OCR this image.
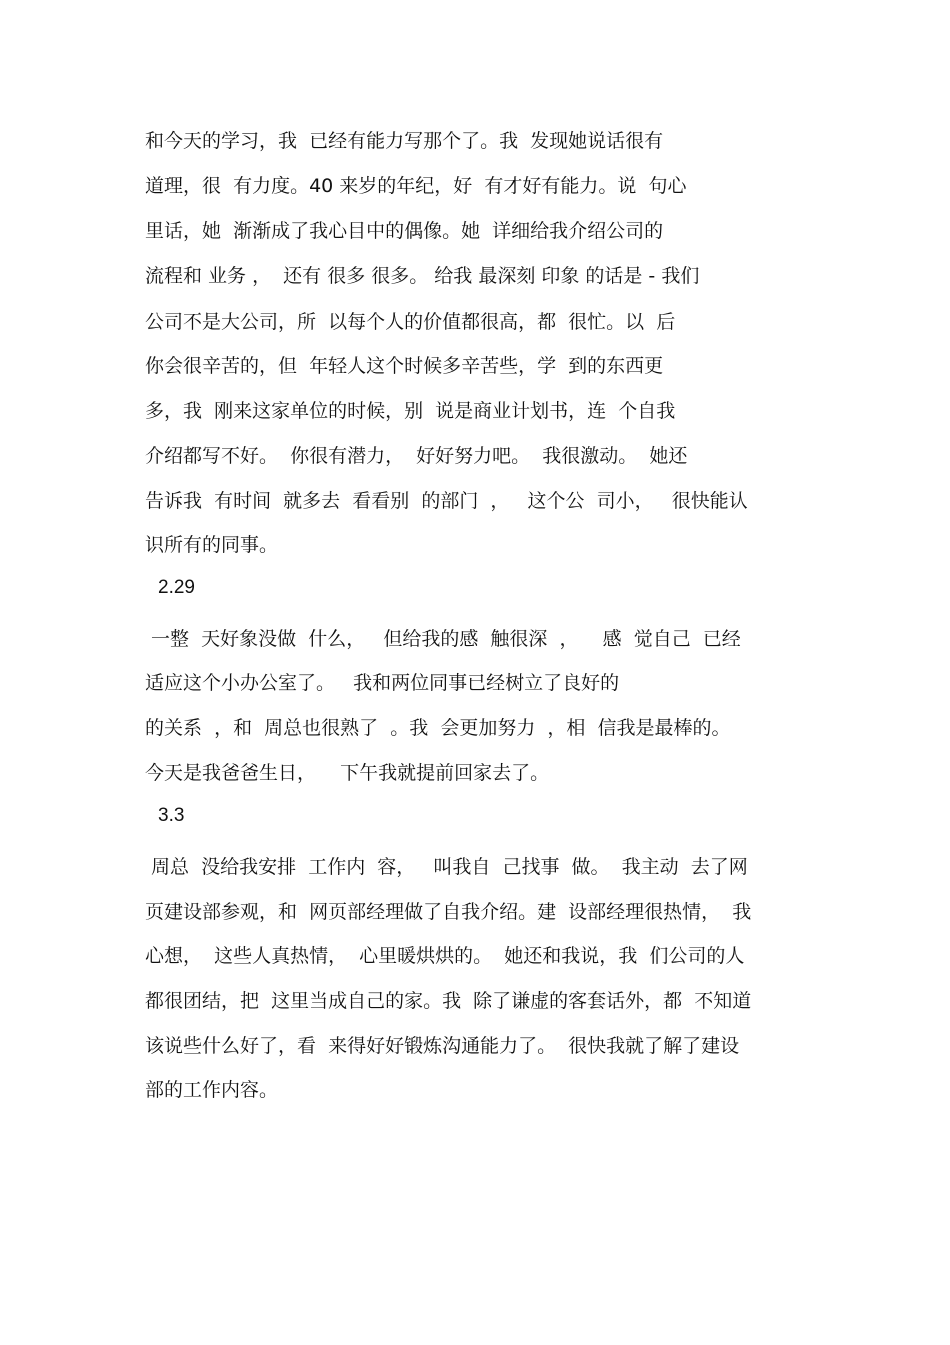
和今天的学习，我  已经有能力写那个了。我  发现她说话很有
道理，很  有力度。40 来岁的年纪，好  有才好有能力。说  句心
里话，她  渐渐成了我心目中的偶像。她  详细给我介绍公司的
流程和 业务 ，  还有 很多 很多。 给我 最深刻 印象 的话是 - 我们
公司不是大公司，所  以每个人的价值都很高，都  很忙。以  后
你会很辛苦的，但  年轻人这个时候多辛苦些，学  到的东西更
多，我  刚来这家单位的时候，别  说是商业计划书，连  个自我
介绍都写不好。  你很有潜力，  好好努力吧。  我很激动。  她还
告诉我  有时间  就多去  看看别  的部门  ，   这个公  司小，   很快能认
识所有的同事。
2.29
一整  天好象没做  什么，   但给我的感  触很深  ，    感  觉自己  已经
适应这个小办公室了。   我和两位同事已经树立了良好的
的关系  ，和  周总也很熟了  。我  会更加努力  ，相  信我是最棒的。
今天是我爸爸生日，    下午我就提前回家去了。
3.3
周总  没给我安排  工作内  容，   叫我自  己找事  做。  我主动  去了网
页建设部参观，和  网页部经理做了自我介绍。建  设部经理很热情，  我
心想，  这些人真热情，  心里暖烘烘的。  她还和我说，我  们公司的人
都很团结，把  这里当成自己的家。我  除了谦虚的客套话外，都  不知道
该说些什么好了，看  来得好好锻炼沟通能力了。  很快我就了解了建设
部的工作内容。
